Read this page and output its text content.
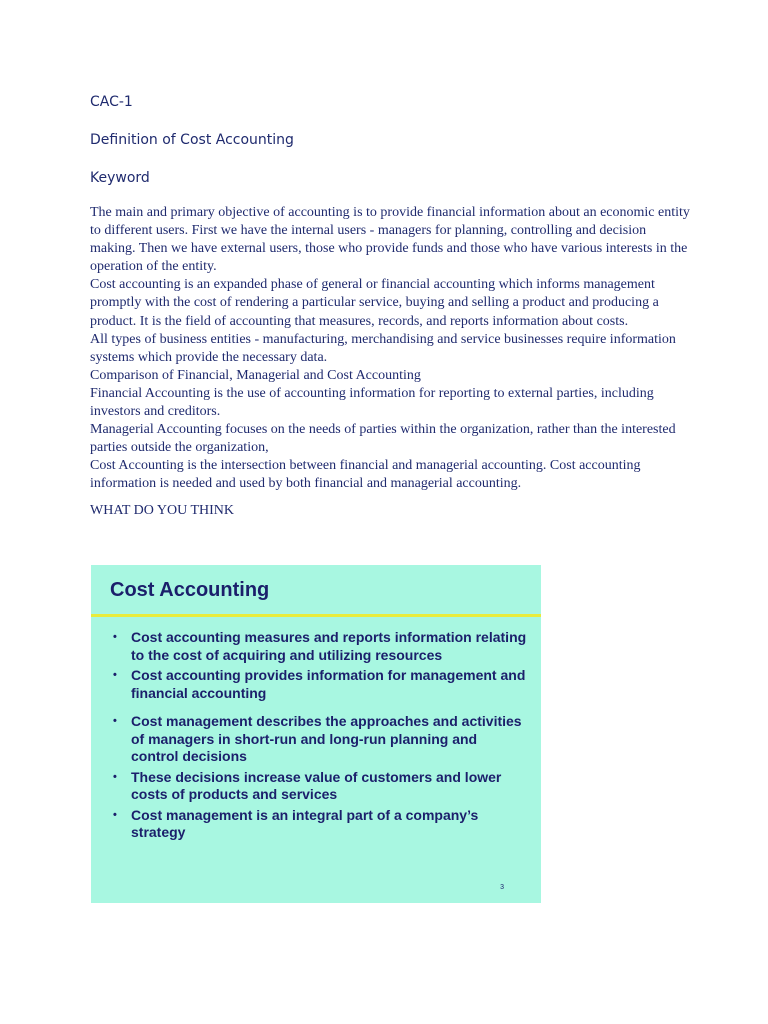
CAC-1

Definition of Cost Accounting

Keyword

The main and primary objective of accounting is to provide financial information about an economic entity to different users. First we have the internal users - managers for planning, controlling and decision making. Then we have external users, those who provide funds and those who have various interests in the operation of the entity.

Cost accounting is an expanded phase of general or financial accounting which informs management promptly with the cost of rendering a particular service, buying and selling a product and producing a product. It is the field of accounting that measures, records, and reports information about costs.

All types of business entities - manufacturing, merchandising and service businesses require information systems which provide the necessary data.

Comparison of Financial, Managerial and Cost Accounting

Financial Accounting is the use of accounting information for reporting to external parties, including investors and creditors.

Managerial Accounting focuses on the needs of parties within the organization, rather than the interested parties outside the organization,

Cost Accounting is the intersection between financial and managerial accounting. Cost accounting information is needed and used by both financial and managerial accounting.

WHAT DO YOU THINK

Cost Accounting

• Cost accounting measures and reports information relating to the cost of acquiring and utilizing resources
• Cost accounting provides information for management and financial accounting
• Cost management describes the approaches and activities of managers in short-run and long-run planning and control decisions
• These decisions increase value of customers and lower costs of products and services
• Cost management is an integral part of a company’s strategy
3
